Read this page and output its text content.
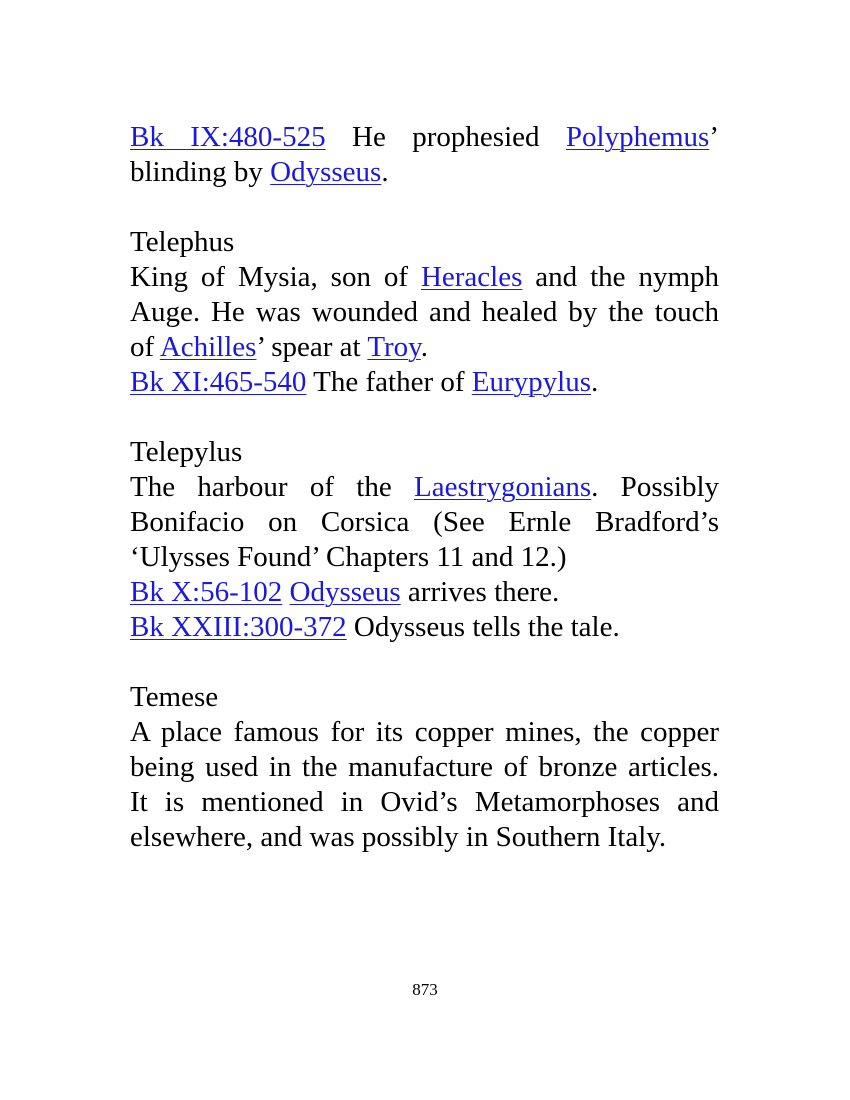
Bk IX:480-525 He prophesied Polyphemus’ blinding by Odysseus.

Telephus

King of Mysia, son of Heracles and the nymph Auge. He was wounded and healed by the touch of Achilles’ spear at Troy.

Bk XI:465-540 The father of Eurypylus.

Telepylus

The harbour of the Laestrygonians. Possibly Bonifacio on Corsica (See Ernle Bradford’s ‘Ulysses Found’ Chapters 11 and 12.)

Bk X:56-102 Odysseus arrives there.

Bk XXIII:300-372 Odysseus tells the tale.

Temese

A place famous for its copper mines, the copper being used in the manufacture of bronze articles. It is mentioned in Ovid’s Metamorphoses and elsewhere, and was possibly in Southern Italy.

873
